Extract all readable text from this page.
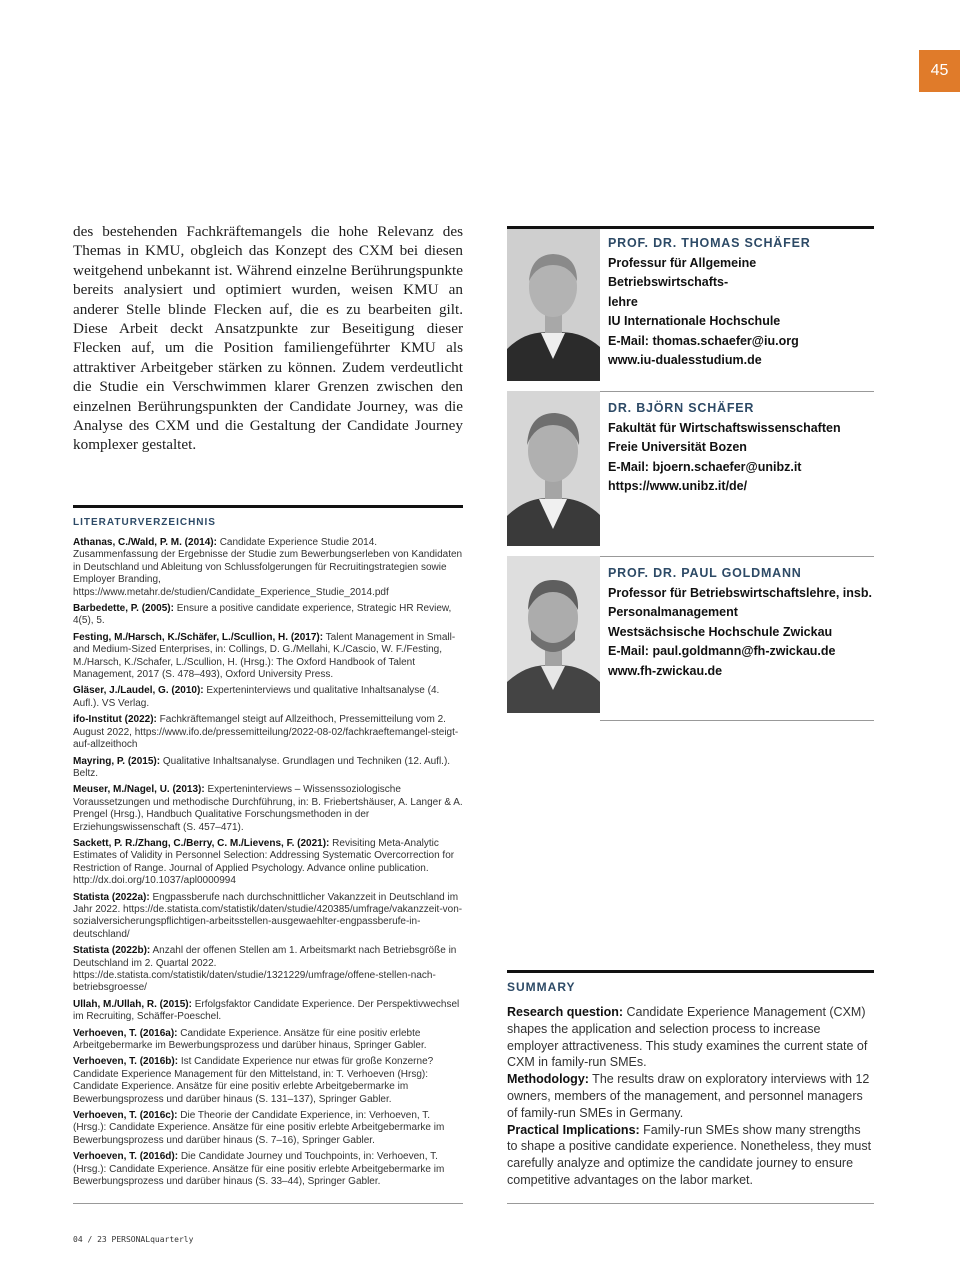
45

des bestehenden Fachkräftemangels die hohe Relevanz des Themas in KMU, obgleich das Konzept des CXM bei diesen weitgehend unbekannt ist. Während einzelne Berührungspunkte bereits analysiert und optimiert wurden, weisen KMU an anderer Stelle blinde Flecken auf, die es zu bearbeiten gilt. Diese Arbeit deckt Ansatzpunkte zur Beseitigung dieser Flecken auf, um die Position familiengeführter KMU als attraktiver Arbeitgeber stärken zu können. Zudem verdeutlicht die Studie ein Verschwimmen klarer Grenzen zwischen den einzelnen Berührungspunkten der Candidate Journey, was die Analyse des CXM und die Gestaltung der Candidate Journey komplexer gestaltet.

LITERATURVERZEICHNIS

Athanas, C./Wald, P. M. (2014): Candidate Experience Studie 2014. Zusammenfassung der Ergebnisse der Studie zum Bewerbungserleben von Kandidaten in Deutschland und Ableitung von Schlussfolgerungen für Recruitingstrategien sowie Employer Branding, https://www.metahr.de/studien/Candidate_Experience_Studie_2014.pdf

Barbedette, P. (2005): Ensure a positive candidate experience, Strategic HR Review, 4(5), 5.

Festing, M./Harsch, K./Schäfer, L./Scullion, H. (2017): Talent Management in Small- and Medium-Sized Enterprises, in: Collings, D. G./Mellahi, K./Cascio, W. F./Festing, M./Harsch, K./Schafer, L./Scullion, H. (Hrsg.): The Oxford Handbook of Talent Management, 2017 (S. 478–493), Oxford University Press.

Gläser, J./Laudel, G. (2010): Experteninterviews und qualitative Inhaltsanalyse (4. Aufl.). VS Verlag.

ifo-Institut (2022): Fachkräftemangel steigt auf Allzeithoch, Pressemitteilung vom 2. August 2022, https://www.ifo.de/pressemitteilung/2022-08-02/fachkraeftemangel-steigt-auf-allzeithoch

Mayring, P. (2015): Qualitative Inhaltsanalyse. Grundlagen und Techniken (12. Aufl.). Beltz.

Meuser, M./Nagel, U. (2013): Experteninterviews – Wissenssoziologische Voraussetzungen und methodische Durchführung, in: B. Friebertshäuser, A. Langer & A. Prengel (Hrsg.), Handbuch Qualitative Forschungsmethoden in der Erziehungswissenschaft (S. 457–471).

Sackett, P. R./Zhang, C./Berry, C. M./Lievens, F. (2021): Revisiting Meta-Analytic Estimates of Validity in Personnel Selection: Addressing Systematic Overcorrection for Restriction of Range. Journal of Applied Psychology. Advance online publication. http://dx.doi.org/10.1037/apl0000994

Statista (2022a): Engpassberufe nach durchschnittlicher Vakanzzeit in Deutschland im Jahr 2022. https://de.statista.com/statistik/daten/studie/420385/umfrage/vakanzzeit-von-sozialversicherungspflichtigen-arbeitsstellen-ausgewaehlter-engpassberufe-in-deutschland/

Statista (2022b): Anzahl der offenen Stellen am 1. Arbeitsmarkt nach Betriebsgröße in Deutschland im 2. Quartal 2022. https://de.statista.com/statistik/daten/studie/1321229/umfrage/offene-stellen-nach-betriebsgroesse/

Ullah, M./Ullah, R. (2015): Erfolgsfaktor Candidate Experience. Der Perspektivwechsel im Recruiting, Schäffer-Poeschel.

Verhoeven, T. (2016a): Candidate Experience. Ansätze für eine positiv erlebte Arbeitgebermarke im Bewerbungsprozess und darüber hinaus, Springer Gabler.

Verhoeven, T. (2016b): Ist Candidate Experience nur etwas für große Konzerne? Candidate Experience Management für den Mittelstand, in: T. Verhoeven (Hrsg): Candidate Experience. Ansätze für eine positiv erlebte Arbeitgebermarke im Bewerbungsprozess und darüber hinaus (S. 131–137), Springer Gabler.

Verhoeven, T. (2016c): Die Theorie der Candidate Experience, in: Verhoeven, T. (Hrsg.): Candidate Experience. Ansätze für eine positiv erlebte Arbeitgebermarke im Bewerbungsprozess und darüber hinaus (S. 7–16), Springer Gabler.

Verhoeven, T. (2016d): Die Candidate Journey und Touchpoints, in: Verhoeven, T. (Hrsg.): Candidate Experience. Ansätze für eine positiv erlebte Arbeitgebermarke im Bewerbungsprozess und darüber hinaus (S. 33–44), Springer Gabler.

PROF. DR. THOMAS SCHÄFER
Professur für Allgemeine Betriebswirtschafts-
lehre
IU Internationale Hochschule
E-Mail: thomas.schaefer@iu.org
www.iu-dualesstudium.de
DR. BJÖRN SCHÄFER
Fakultät für Wirtschaftswissenschaften
Freie Universität Bozen
E-Mail: bjoern.schaefer@unibz.it
https://www.unibz.it/de/
PROF. DR. PAUL GOLDMANN
Professor für Betriebswirtschaftslehre, insb.
Personalmanagement
Westsächsische Hochschule Zwickau
E-Mail: paul.goldmann@fh-zwickau.de
www.fh-zwickau.de
SUMMARY

Research question: Candidate Experience Management (CXM) shapes the application and selection process to increase employer attractiveness. This study examines the current state of CXM in family-run SMEs.

Methodology: The results draw on exploratory interviews with 12 owners, members of the management, and personnel managers of family-run SMEs in Germany.

Practical Implications: Family-run SMEs show many strengths to shape a positive candidate experience. Nonetheless, they must carefully analyze and optimize the candidate journey to ensure competitive advantages on the labor market.

04 / 23 PERSONALquarterly
